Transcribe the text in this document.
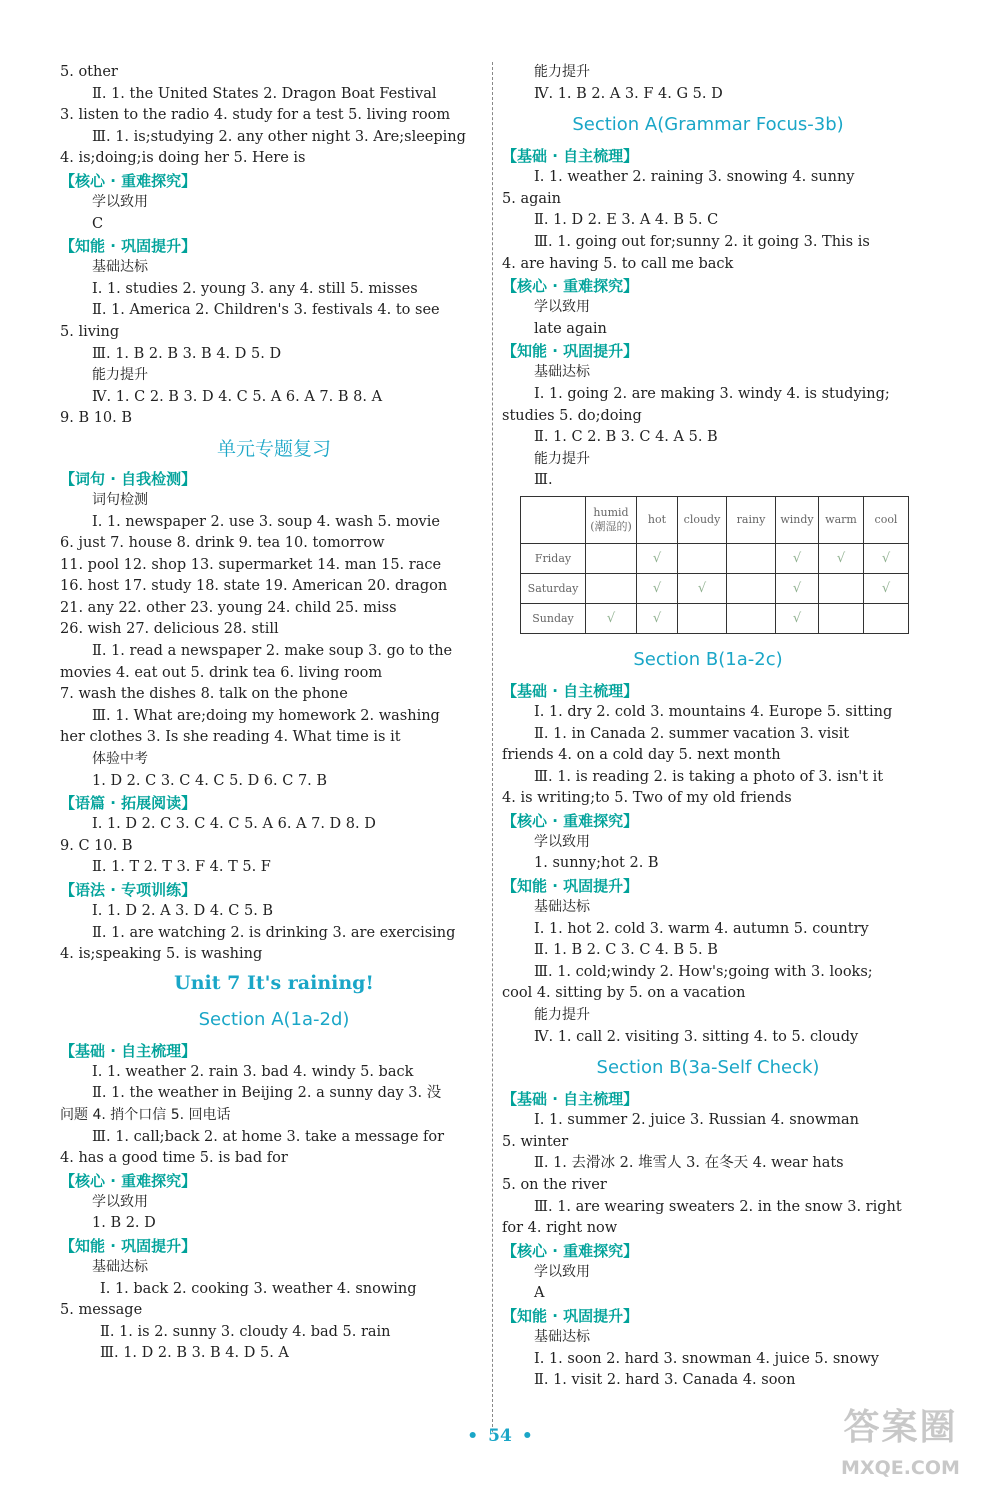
5. other
Ⅱ. 1. the United States 2. Dragon Boat Festival
3. listen to the radio 4. study for a test 5. living room
Ⅲ. 1. is;studying 2. any other night 3. Are;sleeping
4. is;doing;is doing her 5. Here is
【核心 · 重难探究】
学以致用
C
【知能 · 巩固提升】
基础达标
Ⅰ. 1. studies 2. young 3. any 4. still 5. misses
Ⅱ. 1. America 2. Children's 3. festivals 4. to see
5. living
Ⅲ. 1. B 2. B 3. B 4. D 5. D
能力提升
Ⅳ. 1. C 2. B 3. D 4. C 5. A 6. A 7. B 8. A
9. B 10. B
单元专题复习
【词句 · 自我检测】
词句检测
Ⅰ. 1. newspaper 2. use 3. soup 4. wash 5. movie
6. just 7. house 8. drink 9. tea 10. tomorrow
11. pool 12. shop 13. supermarket 14. man 15. race
16. host 17. study 18. state 19. American 20. dragon
21. any 22. other 23. young 24. child 25. miss
26. wish 27. delicious 28. still
Ⅱ. 1. read a newspaper 2. make soup 3. go to the
movies 4. eat out 5. drink tea 6. living room
7. wash the dishes 8. talk on the phone
Ⅲ. 1. What are;doing my homework 2. washing
her clothes 3. Is she reading 4. What time is it
体验中考
1. D 2. C 3. C 4. C 5. D 6. C 7. B
【语篇 · 拓展阅读】
Ⅰ. 1. D 2. C 3. C 4. C 5. A 6. A 7. D 8. D
9. C 10. B
Ⅱ. 1. T 2. T 3. F 4. T 5. F
【语法 · 专项训练】
Ⅰ. 1. D 2. A 3. D 4. C 5. B
Ⅱ. 1. are watching 2. is drinking 3. are exercising
4. is;speaking 5. is washing
Unit 7 It's raining!
Section A(1a-2d)
【基础 · 自主梳理】
Ⅰ. 1. weather 2. rain 3. bad 4. windy 5. back
Ⅱ. 1. the weather in Beijing 2. a sunny day 3. 没
问题 4. 捎个口信 5. 回电话
Ⅲ. 1. call;back 2. at home 3. take a message for
4. has a good time 5. is bad for
【核心 · 重难探究】
学以致用
1. B 2. D
【知能 · 巩固提升】
基础达标
Ⅰ. 1. back 2. cooking 3. weather 4. snowing
5. message
Ⅱ. 1. is 2. sunny 3. cloudy 4. bad 5. rain
Ⅲ. 1. D 2. B 3. B 4. D 5. A
能力提升
Ⅳ. 1. B 2. A 3. F 4. G 5. D
Section A(Grammar Focus-3b)
【基础 · 自主梳理】
Ⅰ. 1. weather 2. raining 3. snowing 4. sunny
5. again
Ⅱ. 1. D 2. E 3. A 4. B 5. C
Ⅲ. 1. going out for;sunny 2. it going 3. This is
4. are having 5. to call me back
【核心 · 重难探究】
学以致用
late again
【知能 · 巩固提升】
基础达标
Ⅰ. 1. going 2. are making 3. windy 4. is studying;
studies 5. do;doing
Ⅱ. 1. C 2. B 3. C 4. A 5. B
能力提升
Ⅲ.
	humid
(潮湿的)	hot	cloudy	rainy	windy	warm	cool
Friday		√			√	√	√
Saturday		√	√		√		√
Sunday	√	√			√		
Section B(1a-2c)
【基础 · 自主梳理】
Ⅰ. 1. dry 2. cold 3. mountains 4. Europe 5. sitting
Ⅱ. 1. in Canada 2. summer vacation 3. visit
friends 4. on a cold day 5. next month
Ⅲ. 1. is reading 2. is taking a photo of 3. isn't it
4. is writing;to 5. Two of my old friends
【核心 · 重难探究】
学以致用
1. sunny;hot 2. B
【知能 · 巩固提升】
基础达标
Ⅰ. 1. hot 2. cold 3. warm 4. autumn 5. country
Ⅱ. 1. B 2. C 3. C 4. B 5. B
Ⅲ. 1. cold;windy 2. How's;going with 3. looks;
cool 4. sitting by 5. on a vacation
能力提升
Ⅳ. 1. call 2. visiting 3. sitting 4. to 5. cloudy
Section B(3a-Self Check)
【基础 · 自主梳理】
Ⅰ. 1. summer 2. juice 3. Russian 4. snowman
5. winter
Ⅱ. 1. 去滑冰 2. 堆雪人 3. 在冬天 4. wear hats
5. on the river
Ⅲ. 1. are wearing sweaters 2. in the snow 3. right
for 4. right now
【核心 · 重难探究】
学以致用
A
【知能 · 巩固提升】
基础达标
Ⅰ. 1. soon 2. hard 3. snowman 4. juice 5. snowy
Ⅱ. 1. visit 2. hard 3. Canada 4. soon
• 54 •	答案圈
MXQE.COM
